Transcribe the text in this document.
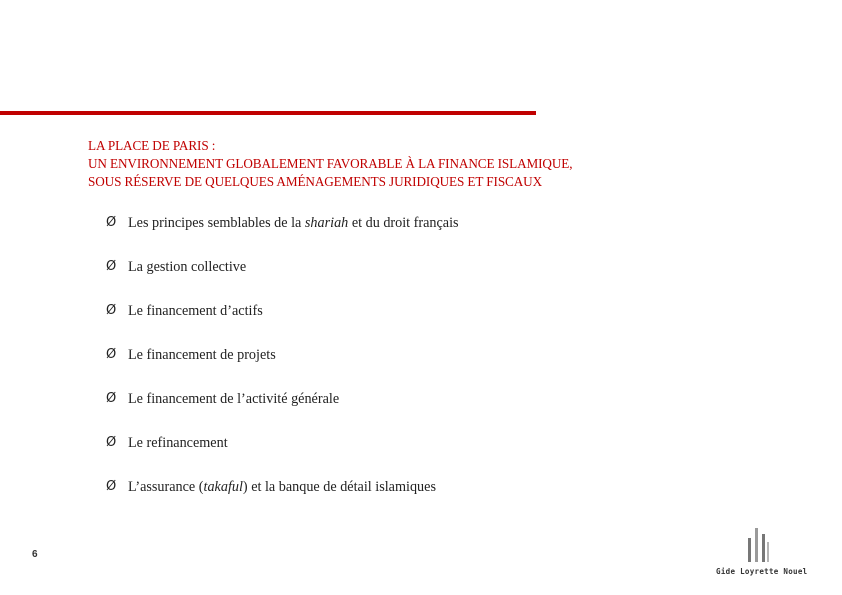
LA PLACE DE PARIS :
UN ENVIRONNEMENT GLOBALEMENT FAVORABLE À LA FINANCE ISLAMIQUE,
SOUS RÉSERVE DE QUELQUES AMÉNAGEMENTS JURIDIQUES ET FISCAUX
Ø Les principes semblables de la shariah et du droit français
Ø La gestion collective
Ø Le financement d’actifs
Ø Le financement de projets
Ø Le financement de l’activité générale
Ø Le refinancement
Ø L’assurance (takaful) et la banque de détail islamiques
6
Gide Loyrette Nouel
